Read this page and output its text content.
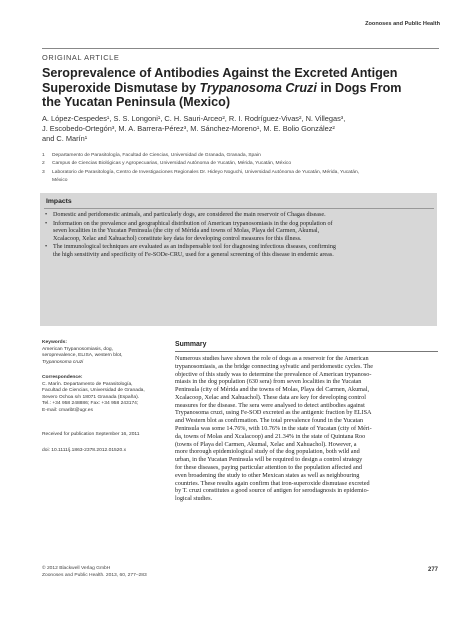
Zoonoses and Public Health
ORIGINAL ARTICLE
Seroprevalence of Antibodies Against the Excreted Antigen
Superoxide Dismutase by Trypanosoma Cruzi in Dogs From
the Yucatan Peninsula (Mexico)
A. López-Cespedes¹, S. S. Longoni¹, C. H. Sauri-Arceo², R. I. Rodríguez-Vivas², N. Villegas³,
J. Escobedo-Ortegón³, M. A. Barrera-Pérez³, M. Sánchez-Moreno¹, M. E. Bolio González²
and C. Marín¹
1	Departamento de Parasitología, Facultad de Ciencias, Universidad de Granada, Granada, Spain
2	Campus de Ciencias Biológicas y Agropecuarias, Universidad Autónoma de Yucatán, Mérida, Yucatán, México
3	Laboratorio de Parasitología, Centro de Investigaciones Regionales Dr. Hideyo Noguchi, Universidad Autónoma de Yucatán, Mérida, Yucatán,
México
Impacts
• Domestic and peridomestic animals, and particularly dogs, are considered the main reservoir of Chagas disease.
• Information on the prevalence and geographical distribution of American trypanosomiasis in the dog population of seven localities in the Yucatan Peninsula (the city of Mérida and towns of Molas, Playa del Carmen, Akumal, Xcalacoop, Xelac and Xahuachol) constitute key data for developing control measures for this illness.
• The immunological techniques are evaluated as an indispensable tool for diagnosing infectious diseases, confirming the high sensitivity and specificity of Fe-SODe-CRU, used for a general screening of this disease in endemic areas.
Keywords:
American Trypanosomiasis, dog,
seroprevalence, ELISA, western blot,
Trypanosoma cruzi
Correspondence:
C. Marín. Departamento de Parasitología,
Facultad de Ciencias, Universidad de Granada,
Severo Ochoa s/n 18071 Granada (España).
Tel.: +34 958 248886; Fax: +34 958 243174;
E-mail: cmaribt@ugr.es
Received for publication September 16, 2011
doi: 10.1111/j.1863-2378.2012.01520.x
Summary
Numerous studies have shown the role of dogs as a reservoir for the American
trypanosomiasis, as the bridge connecting sylvatic and peridomestic cycles. The
objective of this study was to determine the prevalence of American trypanoso-
miasis in the dog population (630 sera) from seven localities in the Yucatan
Peninsula (city of Mérida and the towns of Molas, Playa del Carmen, Akumal,
Xcalacoop, Xelac and Xahuachol). These data are key for developing control
measures for the disease. The sera were analysed to detect antibodies against
Trypanosoma cruzi, using Fe-SOD excreted as the antigenic fraction by ELISA
and Western blot as confirmation. The total prevalence found in the Yucatan
Peninsula was some 14.76%, with 10.76% in the state of Yucatan (city of Méri-
da, towns of Molas and Xcalacoop) and 21.34% in the state of Quintana Roo
(towns of Playa del Carmen, Akumal, Xelac and Xahuachol). However, a
more thorough epidemiological study of the dog population, both wild and
urban, in the Yucatan Peninsula will be required to design a control strategy
for these diseases, paying particular attention to the population affected and
even broadening the study to other Mexican states as well as neighbouring
countries. These results again confirm that iron-superoxide dismutase excreted
by T. cruzi constitutes a good source of antigen for serodiagnosis in epidemio-
logical studies.
© 2012 Blackwell Verlag GmbH
Zoonoses and Public Health. 2013, 60, 277–283
277
